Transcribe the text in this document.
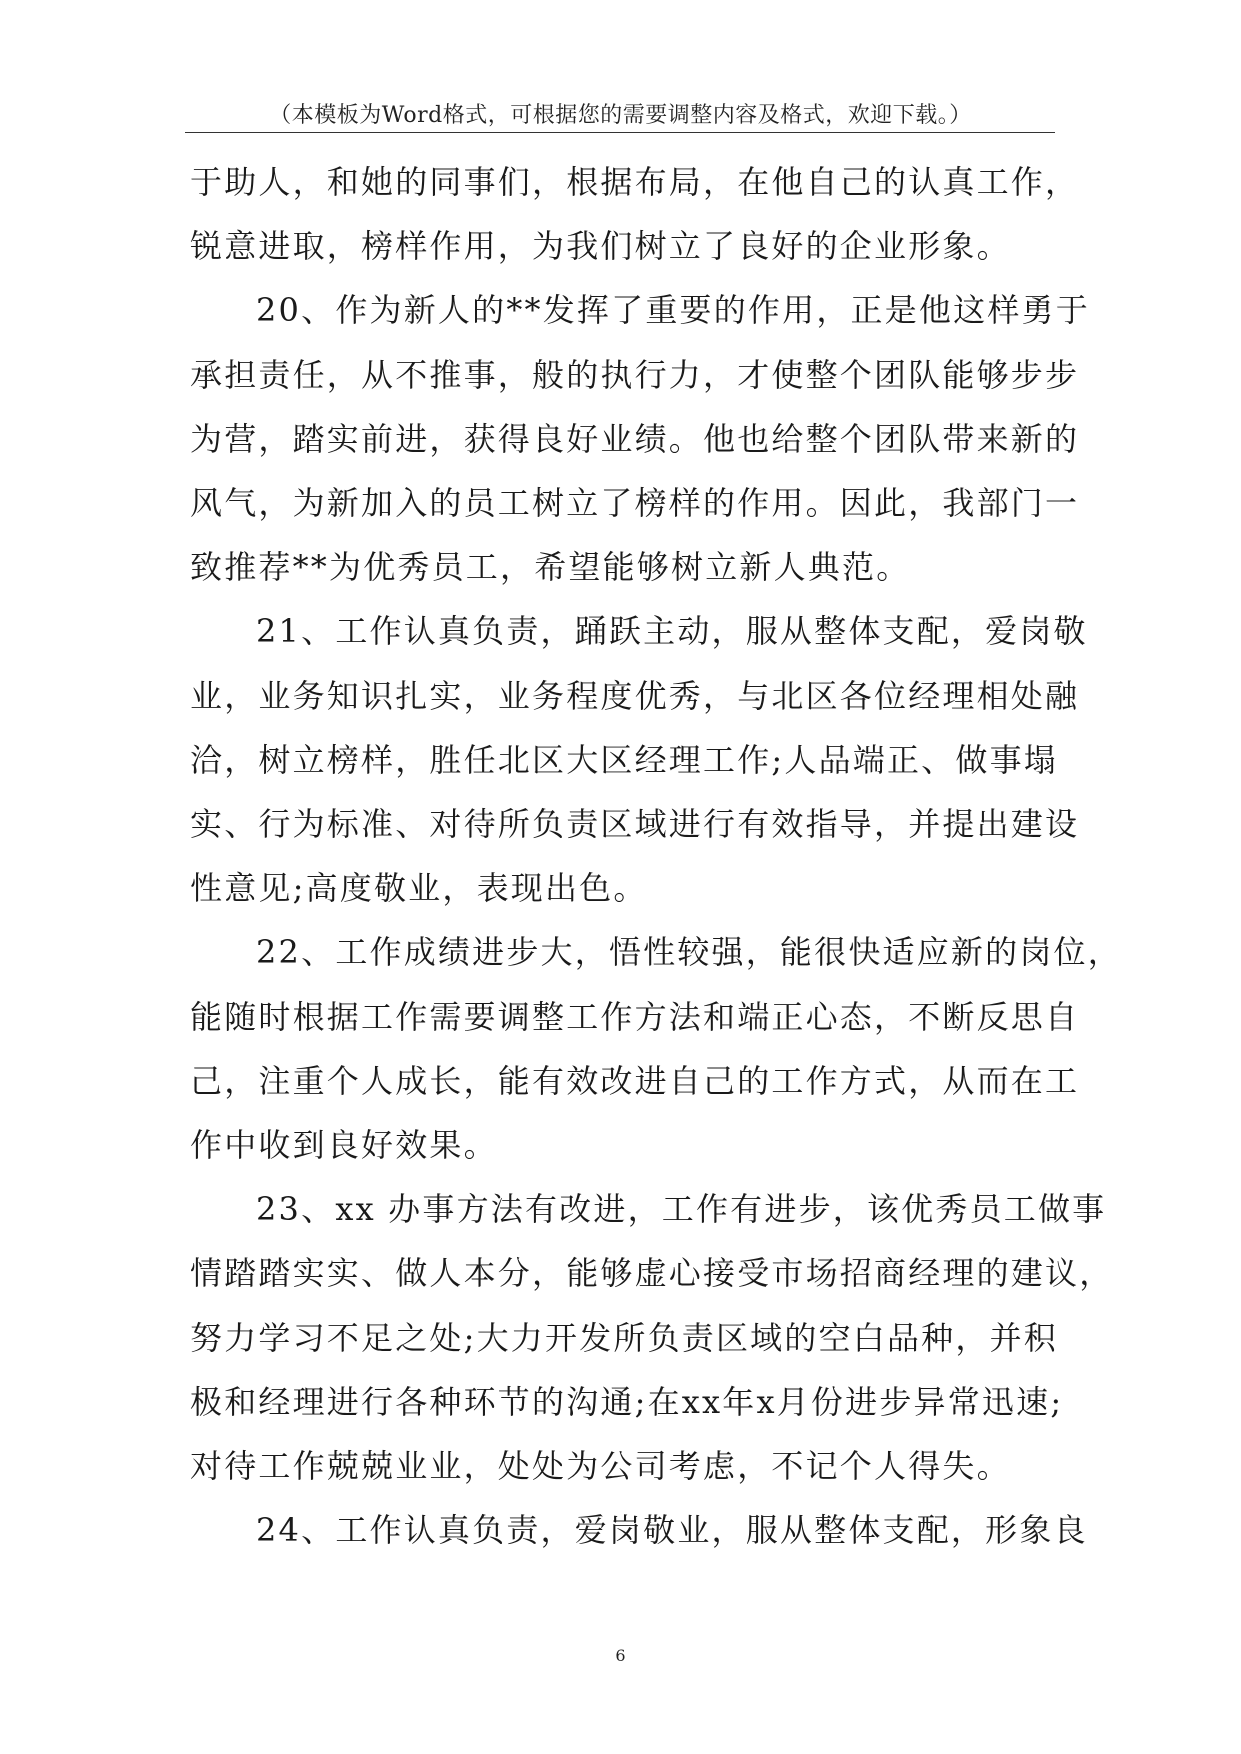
（本模板为Word格式，可根据您的需要调整内容及格式，欢迎下载。）

于助人，和她的同事们，根据布局，在他自己的认真工作，

锐意进取，榜样作用，为我们树立了良好的企业形象。

20、作为新人的**发挥了重要的作用，正是他这样勇于

承担责任，从不推事，般的执行力，才使整个团队能够步步

为营，踏实前进，获得良好业绩。他也给整个团队带来新的

风气，为新加入的员工树立了榜样的作用。因此，我部门一

致推荐**为优秀员工，希望能够树立新人典范。

21、工作认真负责，踊跃主动，服从整体支配，爱岗敬

业，业务知识扎实，业务程度优秀，与北区各位经理相处融

洽，树立榜样，胜任北区大区经理工作;人品端正、做事塌

实、行为标准、对待所负责区域进行有效指导，并提出建设

性意见;高度敬业，表现出色。

22、工作成绩进步大，悟性较强，能很快适应新的岗位，

能随时根据工作需要调整工作方法和端正心态，不断反思自

己，注重个人成长，能有效改进自己的工作方式，从而在工

作中收到良好效果。

23、xx 办事方法有改进，工作有进步，该优秀员工做事

情踏踏实实、做人本分，能够虚心接受市场招商经理的建议，

努力学习不足之处;大力开发所负责区域的空白品种，并积

极和经理进行各种环节的沟通;在xx年x月份进步异常迅速;

对待工作兢兢业业，处处为公司考虑，不记个人得失。

24、工作认真负责，爱岗敬业，服从整体支配，形象良

6
